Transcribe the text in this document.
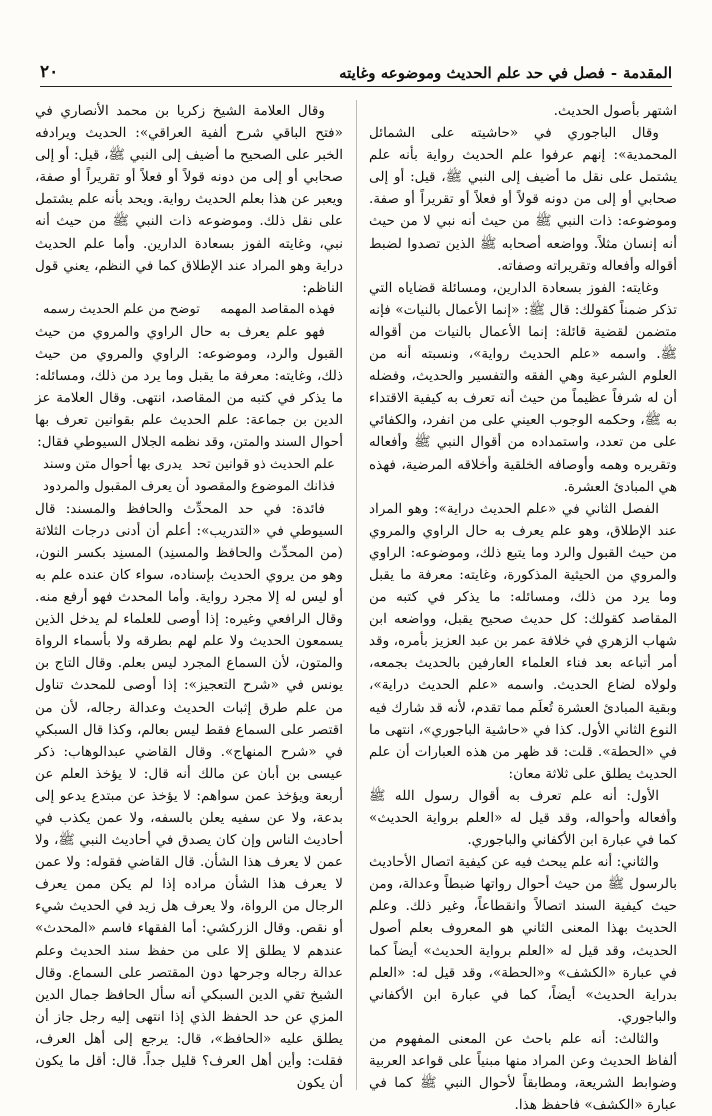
المقدمة-فصل في حد علم الحديث وموضوعه وغايته
٢٠

اشتهر بأصول الحديث.

وقال الباجوري في «حاشيته على الشمائل المحمدية»: إنهم عرفوا علم الحديث رواية بأنه علم يشتمل على نقل ما أضيف إلى النبي ﷺ، قيل: أو إلى صحابي أو إلى من دونه قولاً أو فعلاً أو تقريراً أو صفة. وموضوعه: ذات النبي ﷺ من حيث أنه نبي لا من حيث أنه إنسان مثلاً. وواضعه أصحابه ﷺ الذين تصدوا لضبط أقواله وأفعاله وتقريراته وصفاته.

وغايته: الفوز بسعادة الدارين، ومسائلة قضاياه التي تذكر ضمناً كقولك: قال ﷺ: «إنما الأعمال بالنيات» فإنه متضمن لقضية قائلة: إنما الأعمال بالنيات من أقواله ﷺ. واسمه «علم الحديث رواية»، ونسبته أنه من العلوم الشرعية وهي الفقه والتفسير والحديث، وفضله أن له شرفاً عظيماً من حيث أنه تعرف به كيفية الاقتداء به ﷺ، وحكمه الوجوب العيني على من انفرد، والكفائي على من تعدد، واستمداده من أقوال النبي ﷺ وأفعاله وتقريره وهمه وأوصافه الخلقية وأخلاقه المرضية، فهذه هي المبادئ العشرة.

الفصل الثاني في «علم الحديث دراية»: وهو المراد عند الإطلاق، وهو علم يعرف به حال الراوي والمروي من حيث القبول والرد وما يتبع ذلك، وموضوعه: الراوي والمروي من الحيثية المذكورة، وغايته: معرفة ما يقبل وما يرد من ذلك، ومسائله: ما يذكر في كتبه من المقاصد كقولك: كل حديث صحيح يقبل، وواضعه ابن شهاب الزهري في خلافة عمر بن عبد العزيز بأمره، وقد أمر أتباعه بعد فناء العلماء العارفين بالحديث بجمعه، ولولاه لضاع الحديث. واسمه «علم الحديث دراية»، وبقية المبادئ العشرة تُعلَم مما تقدم، لأنه قد شارك فيه النوع الثاني الأول. كذا في «حاشية الباجوري»، انتهى ما في «الحطة». قلت: قد ظهر من هذه العبارات أن علم الحديث يطلق على ثلاثة معان:

الأول: أنه علم تعرف به أقوال رسول الله ﷺ وأفعاله وأحواله، وقد قيل له «العلم برواية الحديث» كما في عبارة ابن الأكفاني والباجوري.

والثاني: أنه علم يبحث فيه عن كيفية اتصال الأحاديث بالرسول ﷺ من حيث أحوال رواتها ضبطاً وعدالة، ومن حيث كيفية السند اتصالاً وانقطاعاً، وغير ذلك. وعلم الحديث بهذا المعنى الثاني هو المعروف بعلم أصول الحديث، وقد قيل له «العلم برواية الحديث» أيضاً كما في عبارة «الكشف» و«الحطة»، وقد قيل له: «العلم بدراية الحديث» أيضاً، كما في عبارة ابن الأكفاني والباجوري.

والثالث: أنه علم باحث عن المعنى المفهوم من ألفاظ الحديث وعن المراد منها مبنياً على قواعد العربية وضوابط الشريعة، ومطابقاً لأحوال النبي ﷺ كما في عبارة «الكشف» فاحفظ هذا.

وقال العلامة الشيخ زكريا بن محمد الأنصاري في «فتح الباقي شرح ألفية العراقي»: الحديث ويرادفه الخبر على الصحيح ما أضيف إلى النبي ﷺ، قيل: أو إلى صحابي أو إلى من دونه قولاً أو فعلاً أو تقريراً أو صفة، ويعبر عن هذا بعلم الحديث رواية. ويحد بأنه علم يشتمل على نقل ذلك. وموضوعه ذات النبي ﷺ من حيث أنه نبي، وغايته الفوز بسعادة الدارين. وأما علم الحديث دراية وهو المراد عند الإطلاق كما في النظم، يعني قول الناظم:

فهذه المقاصد المهمه
توضح من علم الحديث رسمه

فهو علم يعرف به حال الراوي والمروي من حيث القبول والرد، وموضوعه: الراوي والمروي من حيث ذلك، وغايته: معرفة ما يقبل وما يرد من ذلك، ومسائله: ما يذكر في كتبه من المقاصد، انتهى. وقال العلامة عز الدين بن جماعة: علم الحديث علم بقوانين تعرف بها أحوال السند والمتن، وقد نظمه الجلال السيوطي فقال:

علم الحديث ذو قوانين تحد
يدرى بها أحوال متن وسند
فذانك الموضوع والمقصود
أن يعرف المقبول والمردود

فائدة: في حد المحدِّث والحافظ والمسند: قال السيوطي في «التدريب»: أعلم أن أدنى درجات الثلاثة (من المحدِّث والحافظ والمسنِد) المسنِد بكسر النون، وهو من يروي الحديث بإسناده، سواء كان عنده علم به أو ليس له إلا مجرد رواية. وأما المحدث فهو أرفع منه. وقال الرافعي وغيره: إذا أوصى للعلماء لم يدخل الذين يسمعون الحديث ولا علم لهم بطرقه ولا بأسماء الرواة والمتون، لأن السماع المجرد ليس بعلم. وقال التاج بن يونس في «شرح التعجيز»: إذا أوصى للمحدث تناول من علم طرق إثبات الحديث وعدالة رجاله، لأن من اقتصر على السماع فقط ليس بعالم، وكذا قال السبكي في «شرح المنهاج». وقال القاضي عبدالوهاب: ذكر عيسى بن أبان عن مالك أنه قال: لا يؤخذ العلم عن أربعة ويؤخذ عمن سواهم: لا يؤخذ عن مبتدع يدعو إلى بدعة، ولا عن سفيه يعلن بالسفه، ولا عمن يكذب في أحاديث الناس وإن كان يصدق في أحاديث النبي ﷺ، ولا عمن لا يعرف هذا الشأن. قال القاضي فقوله: ولا عمن لا يعرف هذا الشأن مراده إذا لم يكن ممن يعرف الرجال من الرواة، ولا يعرف هل زيد في الحديث شيء أو نقص. وقال الزركشي: أما الفقهاء فاسم «المحدث» عندهم لا يطلق إلا على من حفظ سند الحديث وعلم عدالة رجاله وجرحها دون المقتصر على السماع. وقال الشيخ تقي الدين السبكي أنه سأل الحافظ جمال الدين المزي عن حد الحفظ الذي إذا انتهى إليه رجل جاز أن يطلق عليه «الحافظ»، قال: يرجع إلى أهل العرف، فقلت: وأين أهل العرف؟ قليل جداً. قال: أقل ما يكون أن يكون
